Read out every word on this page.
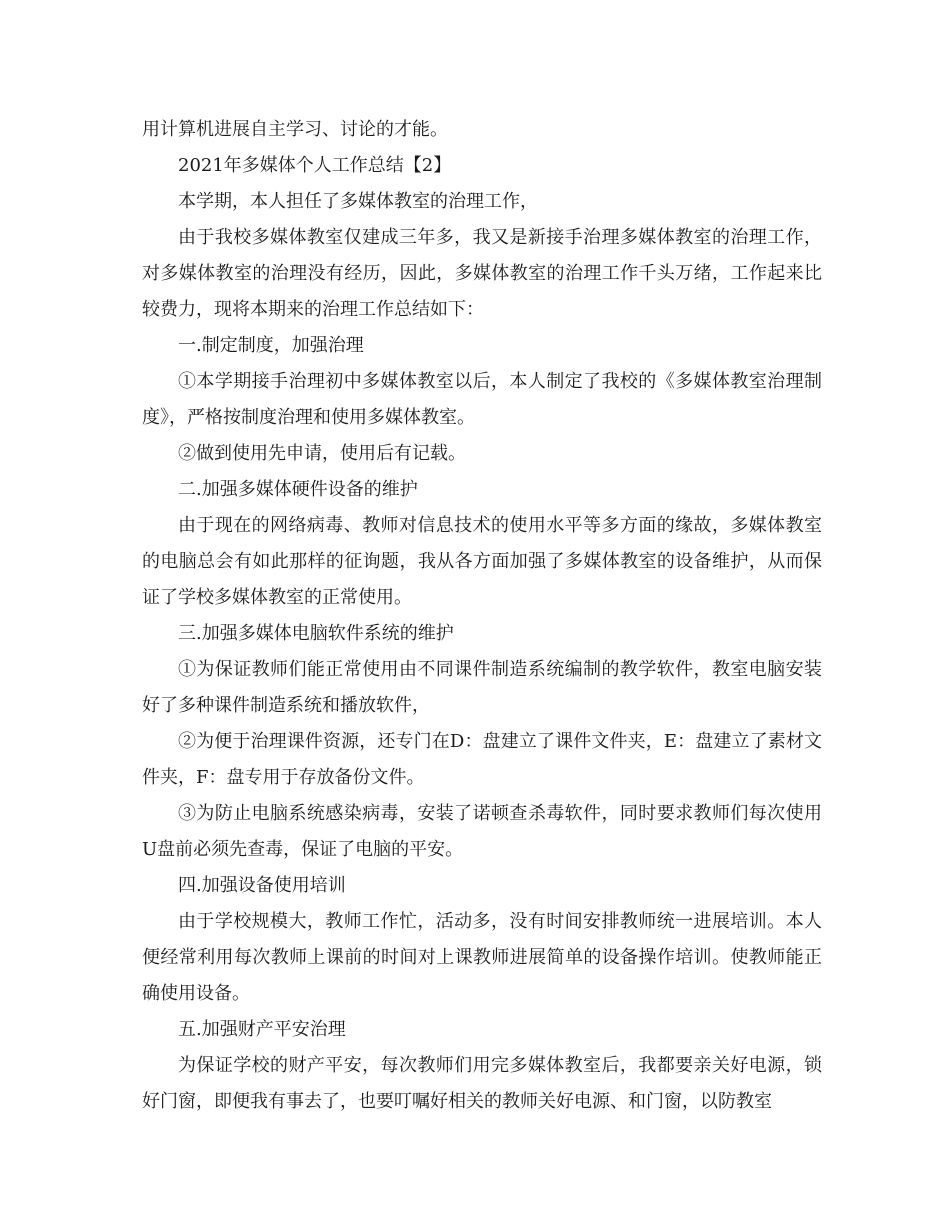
用计算机进展自主学习、讨论的才能。

2021年多媒体个人工作总结【2】

本学期，本人担任了多媒体教室的治理工作，

由于我校多媒体教室仅建成三年多，我又是新接手治理多媒体教室的治理工作，对多媒体教室的治理没有经历，因此，多媒体教室的治理工作千头万绪，工作起来比较费力，现将本期来的治理工作总结如下：

一.制定制度，加强治理

①本学期接手治理初中多媒体教室以后，本人制定了我校的《多媒体教室治理制度》，严格按制度治理和使用多媒体教室。

②做到使用先申请，使用后有记载。

二.加强多媒体硬件设备的维护

由于现在的网络病毒、教师对信息技术的使用水平等多方面的缘故，多媒体教室的电脑总会有如此那样的征询题，我从各方面加强了多媒体教室的设备维护，从而保证了学校多媒体教室的正常使用。

三.加强多媒体电脑软件系统的维护

①为保证教师们能正常使用由不同课件制造系统编制的教学软件，教室电脑安装好了多种课件制造系统和播放软件，

②为便于治理课件资源，还专门在D：盘建立了课件文件夹，E：盘建立了素材文件夹，F：盘专用于存放备份文件。

③为防止电脑系统感染病毒，安装了诺顿查杀毒软件，同时要求教师们每次使用U盘前必须先查毒，保证了电脑的平安。

四.加强设备使用培训

由于学校规模大，教师工作忙，活动多，没有时间安排教师统一进展培训。本人便经常利用每次教师上课前的时间对上课教师进展简单的设备操作培训。使教师能正确使用设备。

五.加强财产平安治理

为保证学校的财产平安，每次教师们用完多媒体教室后，我都要亲关好电源，锁好门窗，即便我有事去了，也要叮嘱好相关的教师关好电源、和门窗，以防教室
